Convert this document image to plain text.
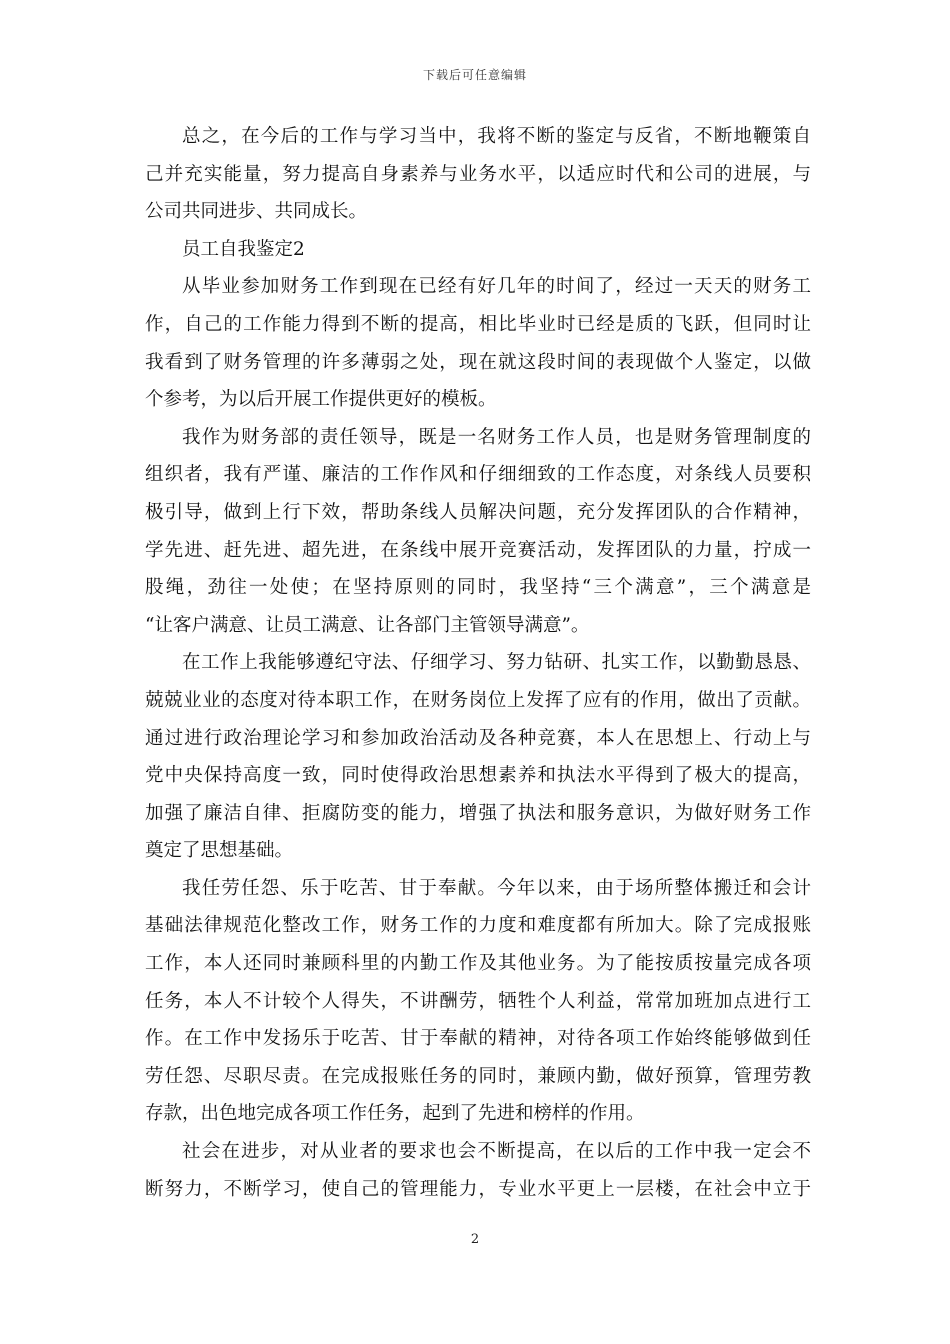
下载后可任意编辑
总之，在今后的工作与学习当中，我将不断的鉴定与反省，不断地鞭策自
己并充实能量，努力提高自身素养与业务水平，以适应时代和公司的进展，与
公司共同进步、共同成长。
员工自我鉴定2
从毕业参加财务工作到现在已经有好几年的时间了，经过一天天的财务工
作，自己的工作能力得到不断的提高，相比毕业时已经是质的飞跃，但同时让
我看到了财务管理的许多薄弱之处，现在就这段时间的表现做个人鉴定，以做
个参考，为以后开展工作提供更好的模板。
我作为财务部的责任领导，既是一名财务工作人员，也是财务管理制度的
组织者，我有严谨、廉洁的工作作风和仔细细致的工作态度，对条线人员要积
极引导，做到上行下效，帮助条线人员解决问题，充分发挥团队的合作精神，
学先进、赶先进、超先进，在条线中展开竞赛活动，发挥团队的力量，拧成一
股绳，劲往一处使；在坚持原则的同时，我坚持“三个满意”，三个满意是
“让客户满意、让员工满意、让各部门主管领导满意”。
在工作上我能够遵纪守法、仔细学习、努力钻研、扎实工作，以勤勤恳恳、
兢兢业业的态度对待本职工作，在财务岗位上发挥了应有的作用，做出了贡献。
通过进行政治理论学习和参加政治活动及各种竞赛，本人在思想上、行动上与
党中央保持高度一致，同时使得政治思想素养和执法水平得到了极大的提高，
加强了廉洁自律、拒腐防变的能力，增强了执法和服务意识，为做好财务工作
奠定了思想基础。
我任劳任怨、乐于吃苦、甘于奉献。今年以来，由于场所整体搬迁和会计
基础法律规范化整改工作，财务工作的力度和难度都有所加大。除了完成报账
工作，本人还同时兼顾科里的内勤工作及其他业务。为了能按质按量完成各项
任务，本人不计较个人得失，不讲酬劳，牺牲个人利益，常常加班加点进行工
作。在工作中发扬乐于吃苦、甘于奉献的精神，对待各项工作始终能够做到任
劳任怨、尽职尽责。在完成报账任务的同时，兼顾内勤，做好预算，管理劳教
存款，出色地完成各项工作任务，起到了先进和榜样的作用。
社会在进步，对从业者的要求也会不断提高，在以后的工作中我一定会不
断努力，不断学习，使自己的管理能力，专业水平更上一层楼，在社会中立于
2
